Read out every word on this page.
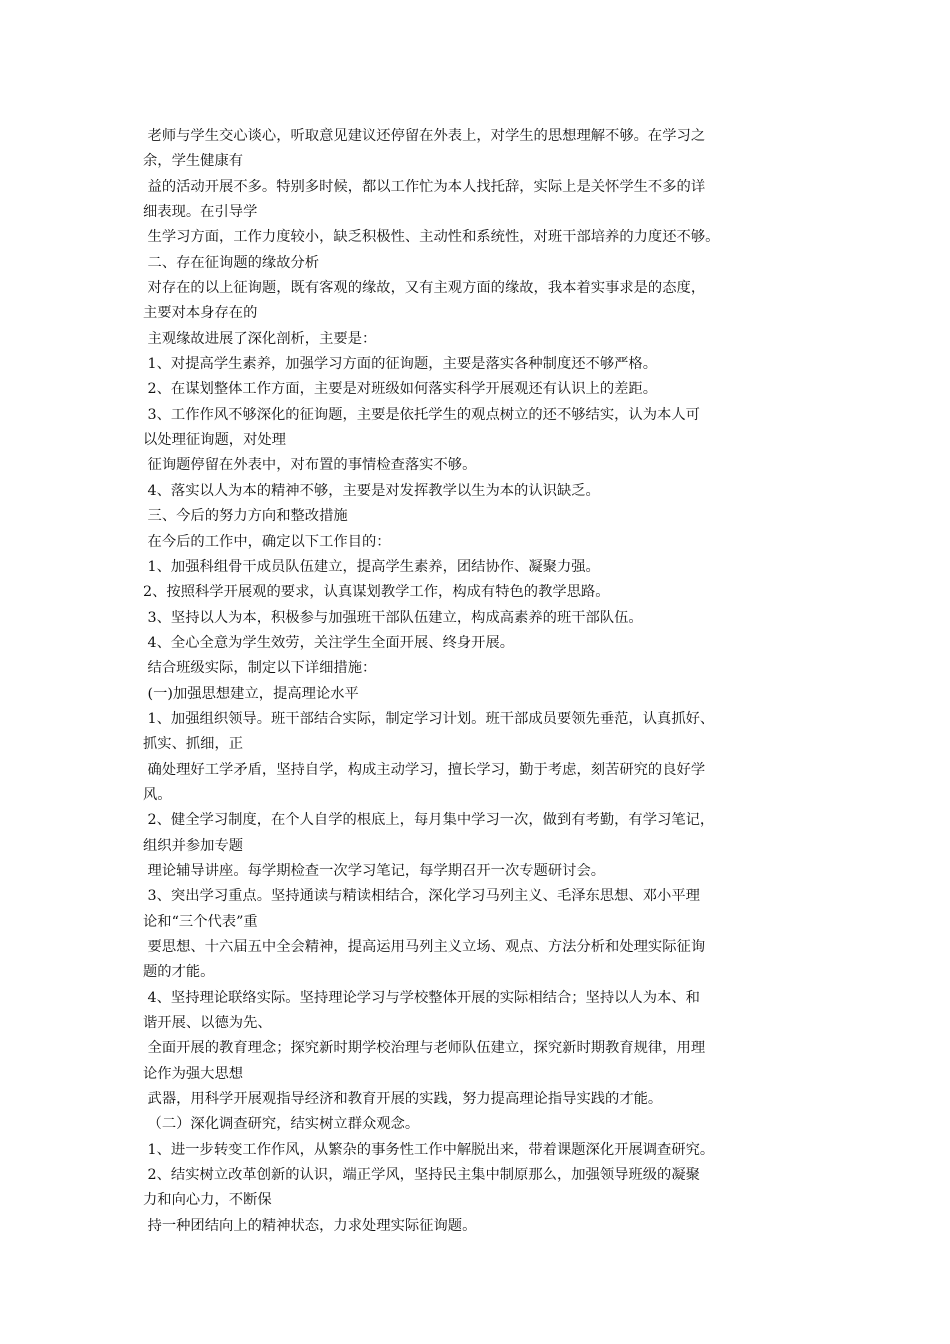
老师与学生交心谈心，听取意见建议还停留在外表上，对学生的思想理解不够。在学习之
余，学生健康有
益的活动开展不多。特别多时候，都以工作忙为本人找托辞，实际上是关怀学生不多的详
细表现。在引导学
生学习方面，工作力度较小，缺乏积极性、主动性和系统性，对班干部培养的力度还不够。
二、存在征询题的缘故分析
对存在的以上征询题，既有客观的缘故，又有主观方面的缘故，我本着实事求是的态度，
主要对本身存在的
主观缘故进展了深化剖析，主要是：
1、对提高学生素养，加强学习方面的征询题，主要是落实各种制度还不够严格。
2、在谋划整体工作方面，主要是对班级如何落实科学开展观还有认识上的差距。
3、工作作风不够深化的征询题，主要是依托学生的观点树立的还不够结实，认为本人可
以处理征询题，对处理
征询题停留在外表中，对布置的事情检查落实不够。
4、落实以人为本的精神不够，主要是对发挥教学以生为本的认识缺乏。
三、今后的努力方向和整改措施
在今后的工作中，确定以下工作目的：
1、加强科组骨干成员队伍建立，提高学生素养，团结协作、凝聚力强。
2、按照科学开展观的要求，认真谋划教学工作，构成有特色的教学思路。
3、坚持以人为本，积极参与加强班干部队伍建立，构成高素养的班干部队伍。
4、全心全意为学生效劳，关注学生全面开展、终身开展。
结合班级实际，制定以下详细措施：
(一)加强思想建立，提高理论水平
1、加强组织领导。班干部结合实际，制定学习计划。班干部成员要领先垂范，认真抓好、
抓实、抓细，正
确处理好工学矛盾，坚持自学，构成主动学习，擅长学习，勤于考虑，刻苦研究的良好学
风。
2、健全学习制度，在个人自学的根底上，每月集中学习一次，做到有考勤，有学习笔记，
组织并参加专题
理论辅导讲座。每学期检查一次学习笔记，每学期召开一次专题研讨会。
3、突出学习重点。坚持通读与精读相结合，深化学习马列主义、毛泽东思想、邓小平理
论和“三个代表”重
要思想、十六届五中全会精神，提高运用马列主义立场、观点、方法分析和处理实际征询
题的才能。
4、坚持理论联络实际。坚持理论学习与学校整体开展的实际相结合；坚持以人为本、和
谐开展、以德为先、
全面开展的教育理念；探究新时期学校治理与老师队伍建立，探究新时期教育规律，用理
论作为强大思想
武器，用科学开展观指导经济和教育开展的实践，努力提高理论指导实践的才能。
（二）深化调查研究，结实树立群众观念。
1、进一步转变工作作风，从繁杂的事务性工作中解脱出来，带着课题深化开展调查研究。
2、结实树立改革创新的认识，端正学风，坚持民主集中制原那么，加强领导班级的凝聚
力和向心力，不断保
持一种团结向上的精神状态，力求处理实际征询题。
